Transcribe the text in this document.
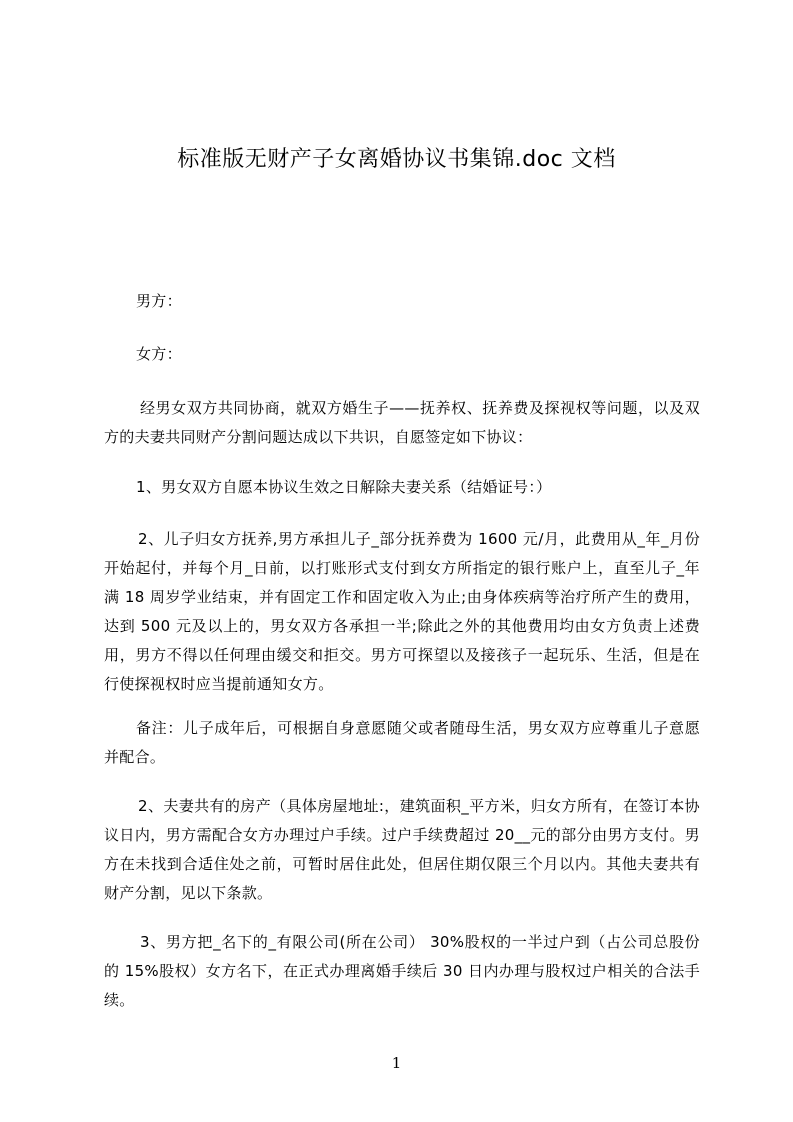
标准版无财产子女离婚协议书集锦.doc 文档
男方：
女方：
经男女双方共同协商，就双方婚生子——抚养权、抚养费及探视权等问题，以及双方的夫妻共同财产分割问题达成以下共识，自愿签定如下协议：
1、男女双方自愿本协议生效之日解除夫妻关系（结婚证号：）
2、儿子归女方抚养,男方承担儿子_部分抚养费为 1600 元/月，此费用从_年_月份开始起付，并每个月_日前，以打账形式支付到女方所指定的银行账户上，直至儿子_年满 18 周岁学业结束，并有固定工作和固定收入为止;由身体疾病等治疗所产生的费用，达到 500 元及以上的，男女双方各承担一半;除此之外的其他费用均由女方负责上述费用，男方不得以任何理由缓交和拒交。男方可探望以及接孩子一起玩乐、生活，但是在行使探视权时应当提前通知女方。
备注：儿子成年后，可根据自身意愿随父或者随母生活，男女双方应尊重儿子意愿并配合。
2、夫妻共有的房产（具体房屋地址:，建筑面积_平方米，归女方所有，在签订本协议日内，男方需配合女方办理过户手续。过户手续费超过 20__元的部分由男方支付。男方在未找到合适住处之前，可暂时居住此处，但居住期仅限三个月以内。其他夫妻共有财产分割，见以下条款。
3、男方把_名下的_有限公司(所在公司） 30%股权的一半过户到（占公司总股份的 15%股权）女方名下，在正式办理离婚手续后 30 日内办理与股权过户相关的合法手续。
1
